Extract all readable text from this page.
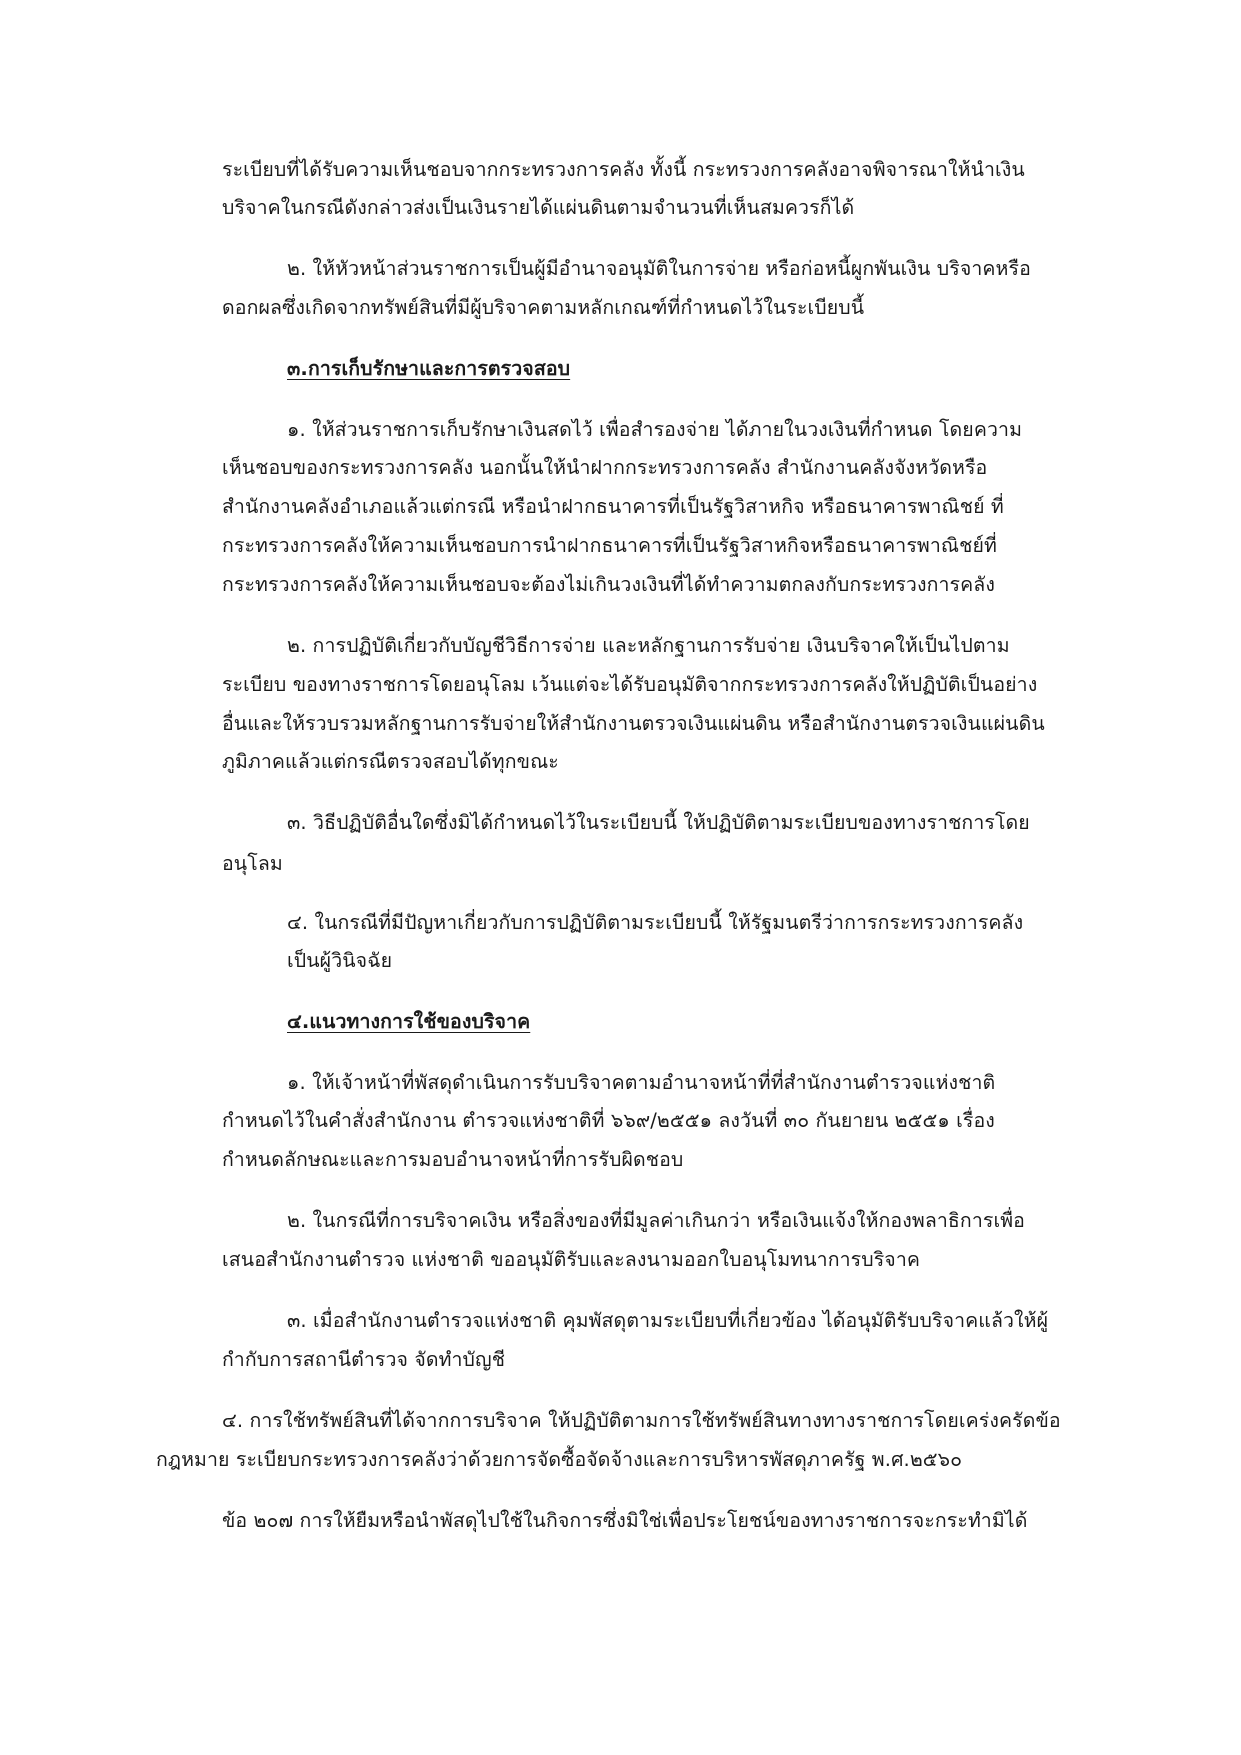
ระเบียบที่ได้รับความเห็นชอบจากกระทรวงการคลัง ทั้งนี้ กระทรวงการคลังอาจพิจารณาให้นำเงิน
บริจาคในกรณีดังกล่าวส่งเป็นเงินรายได้แผ่นดินตามจำนวนที่เห็นสมควรก็ได้
๒. ให้หัวหน้าส่วนราชการเป็นผู้มีอำนาจอนุมัติในการจ่าย หรือก่อหนี้ผูกพันเงิน บริจาคหรือ
ดอกผลซึ่งเกิดจากทรัพย์สินที่มีผู้บริจาคตามหลักเกณฑ์ที่กำหนดไว้ในระเบียบนี้
๓.การเก็บรักษาและการตรวจสอบ
๑. ให้ส่วนราชการเก็บรักษาเงินสดไว้ เพื่อสำรองจ่าย ได้ภายในวงเงินที่กำหนด โดยความ
เห็นชอบของกระทรวงการคลัง นอกนั้นให้นำฝากกระทรวงการคลัง สำนักงานคลังจังหวัดหรือ
สำนักงานคลังอำเภอแล้วแต่กรณี หรือนำฝากธนาคารที่เป็นรัฐวิสาหกิจ หรือธนาคารพาณิชย์ ที่
กระทรวงการคลังให้ความเห็นชอบการนำฝากธนาคารที่เป็นรัฐวิสาหกิจหรือธนาคารพาณิชย์ที่
กระทรวงการคลังให้ความเห็นชอบจะต้องไม่เกินวงเงินที่ได้ทำความตกลงกับกระทรวงการคลัง
๒. การปฏิบัติเกี่ยวกับบัญชีวิธีการจ่าย และหลักฐานการรับจ่าย เงินบริจาคให้เป็นไปตาม
ระเบียบ ของทางราชการโดยอนุโลม เว้นแต่จะได้รับอนุมัติจากกระทรวงการคลังให้ปฏิบัติเป็นอย่าง
อื่นและให้รวบรวมหลักฐานการรับจ่ายให้สำนักงานตรวจเงินแผ่นดิน หรือสำนักงานตรวจเงินแผ่นดิน
ภูมิภาคแล้วแต่กรณีตรวจสอบได้ทุกขณะ
๓. วิธีปฏิบัติอื่นใดซึ่งมิได้กำหนดไว้ในระเบียบนี้ ให้ปฏิบัติตามระเบียบของทางราชการโดย
อนุโลม
๔. ในกรณีที่มีปัญหาเกี่ยวกับการปฏิบัติตามระเบียบนี้ ให้รัฐมนตรีว่าการกระทรวงการคลัง
เป็นผู้วินิจฉัย
๔.แนวทางการใช้ของบริจาค
๑. ให้เจ้าหน้าที่พัสดุดำเนินการรับบริจาคตามอำนาจหน้าที่ที่สำนักงานตำรวจแห่งชาติ
กำหนดไว้ในคำสั่งสำนักงาน ตำรวจแห่งชาติที่ ๖๖๙/๒๕๕๑ ลงวันที่ ๓๐ กันยายน ๒๕๕๑ เรื่อง
กำหนดลักษณะและการมอบอำนาจหน้าที่การรับผิดชอบ
๒. ในกรณีที่การบริจาคเงิน หรือสิ่งของที่มีมูลค่าเกินกว่า หรือเงินแจ้งให้กองพลาธิการเพื่อ
เสนอสำนักงานตำรวจ แห่งชาติ ขออนุมัติรับและลงนามออกใบอนุโมทนาการบริจาค
๓. เมื่อสำนักงานตำรวจแห่งชาติ คุมพัสดุตามระเบียบที่เกี่ยวข้อง ได้อนุมัติรับบริจาคแล้วให้ผู้
กำกับการสถานีตำรวจ จัดทำบัญชี
๔. การใช้ทรัพย์สินที่ได้จากการบริจาค ให้ปฏิบัติตามการใช้ทรัพย์สินทางทางราชการโดยเคร่งครัดข้อ
กฎหมาย ระเบียบกระทรวงการคลังว่าด้วยการจัดซื้อจัดจ้างและการบริหารพัสดุภาครัฐ พ.ศ.๒๕๖๐
ข้อ ๒๐๗ การให้ยืมหรือนำพัสดุไปใช้ในกิจการซึ่งมิใช่เพื่อประโยชน์ของทางราชการจะกระทำมิได้
